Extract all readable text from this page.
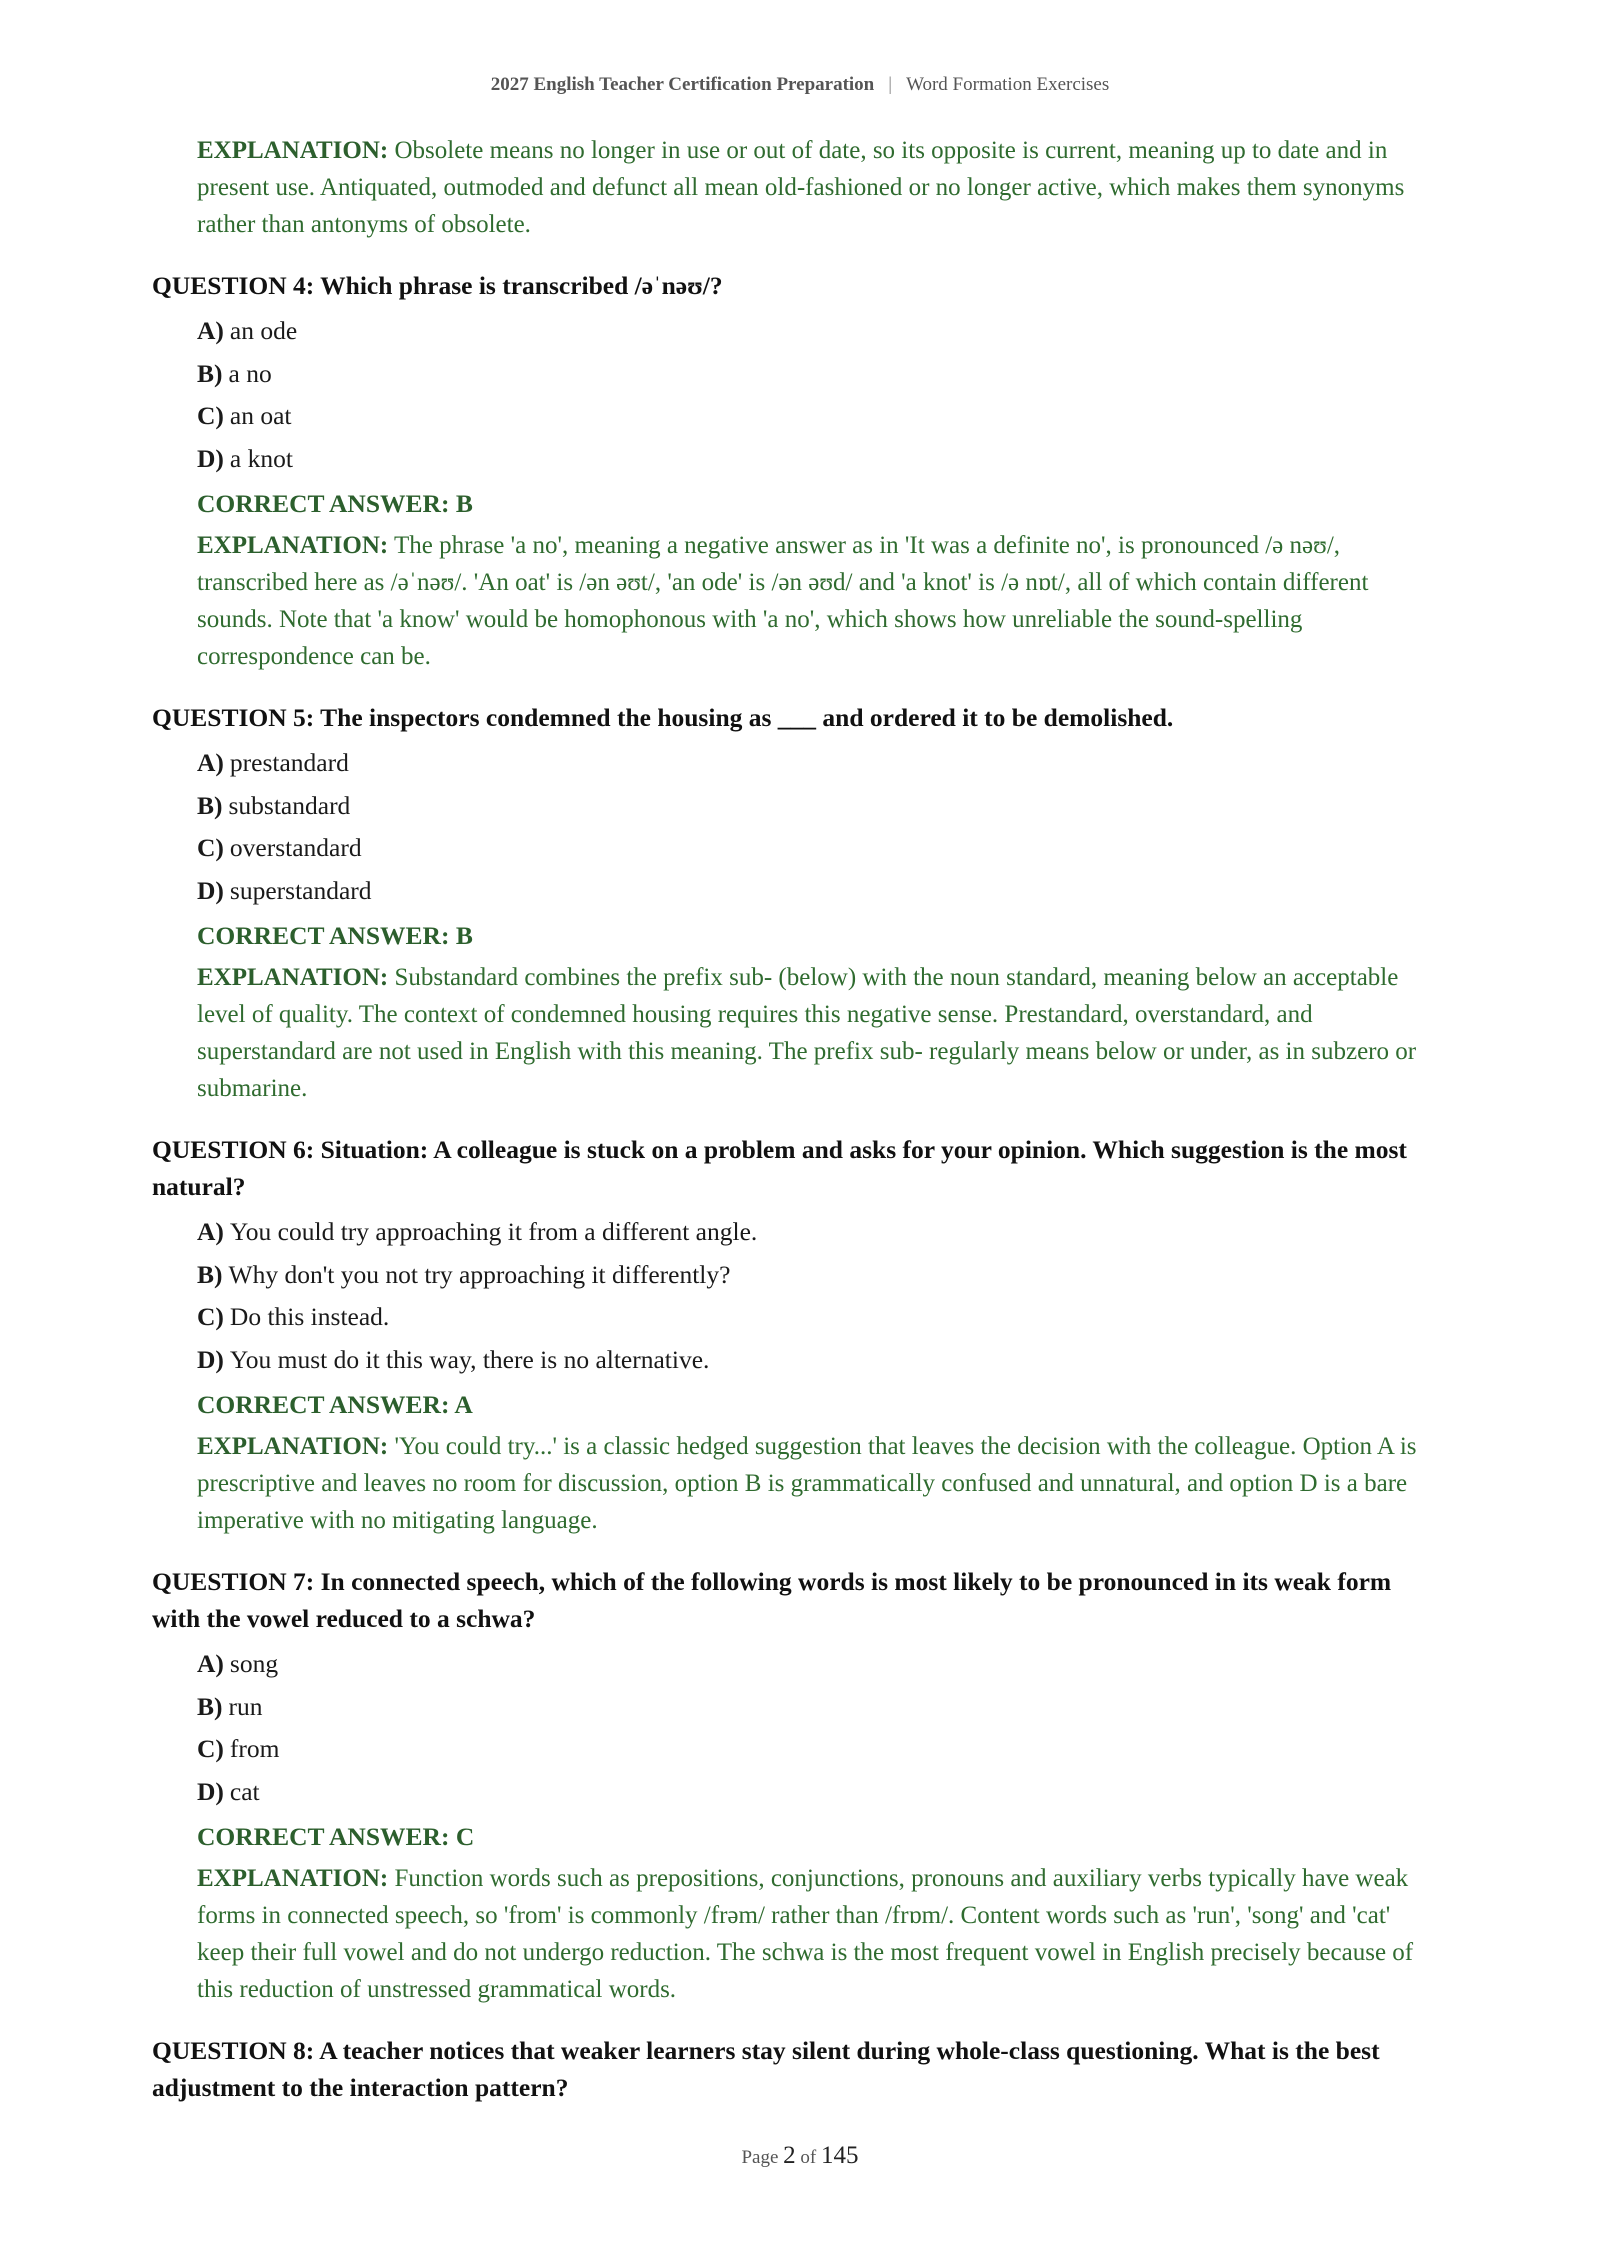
2027 English Teacher Certification Preparation | Word Formation Exercises
EXPLANATION: Obsolete means no longer in use or out of date, so its opposite is current, meaning up to date and in present use. Antiquated, outmoded and defunct all mean old-fashioned or no longer active, which makes them synonyms rather than antonyms of obsolete.
QUESTION 4: Which phrase is transcribed /əˈnəʊ/?
A) an ode
B) a no
C) an oat
D) a knot
CORRECT ANSWER: B
EXPLANATION: The phrase 'a no', meaning a negative answer as in 'It was a definite no', is pronounced /ə nəʊ/, transcribed here as /əˈnəʊ/. 'An oat' is /ən əʊt/, 'an ode' is /ən əʊd/ and 'a knot' is /ə nɒt/, all of which contain different sounds. Note that 'a know' would be homophonous with 'a no', which shows how unreliable the sound-spelling correspondence can be.
QUESTION 5: The inspectors condemned the housing as ___ and ordered it to be demolished.
A) prestandard
B) substandard
C) overstandard
D) superstandard
CORRECT ANSWER: B
EXPLANATION: Substandard combines the prefix sub- (below) with the noun standard, meaning below an acceptable level of quality. The context of condemned housing requires this negative sense. Prestandard, overstandard, and superstandard are not used in English with this meaning. The prefix sub- regularly means below or under, as in subzero or submarine.
QUESTION 6: Situation: A colleague is stuck on a problem and asks for your opinion. Which suggestion is the most natural?
A) You could try approaching it from a different angle.
B) Why don't you not try approaching it differently?
C) Do this instead.
D) You must do it this way, there is no alternative.
CORRECT ANSWER: A
EXPLANATION: 'You could try...' is a classic hedged suggestion that leaves the decision with the colleague. Option A is prescriptive and leaves no room for discussion, option B is grammatically confused and unnatural, and option D is a bare imperative with no mitigating language.
QUESTION 7: In connected speech, which of the following words is most likely to be pronounced in its weak form with the vowel reduced to a schwa?
A) song
B) run
C) from
D) cat
CORRECT ANSWER: C
EXPLANATION: Function words such as prepositions, conjunctions, pronouns and auxiliary verbs typically have weak forms in connected speech, so 'from' is commonly /frəm/ rather than /frɒm/. Content words such as 'run', 'song' and 'cat' keep their full vowel and do not undergo reduction. The schwa is the most frequent vowel in English precisely because of this reduction of unstressed grammatical words.
QUESTION 8: A teacher notices that weaker learners stay silent during whole-class questioning. What is the best adjustment to the interaction pattern?
Page 2 of 145
